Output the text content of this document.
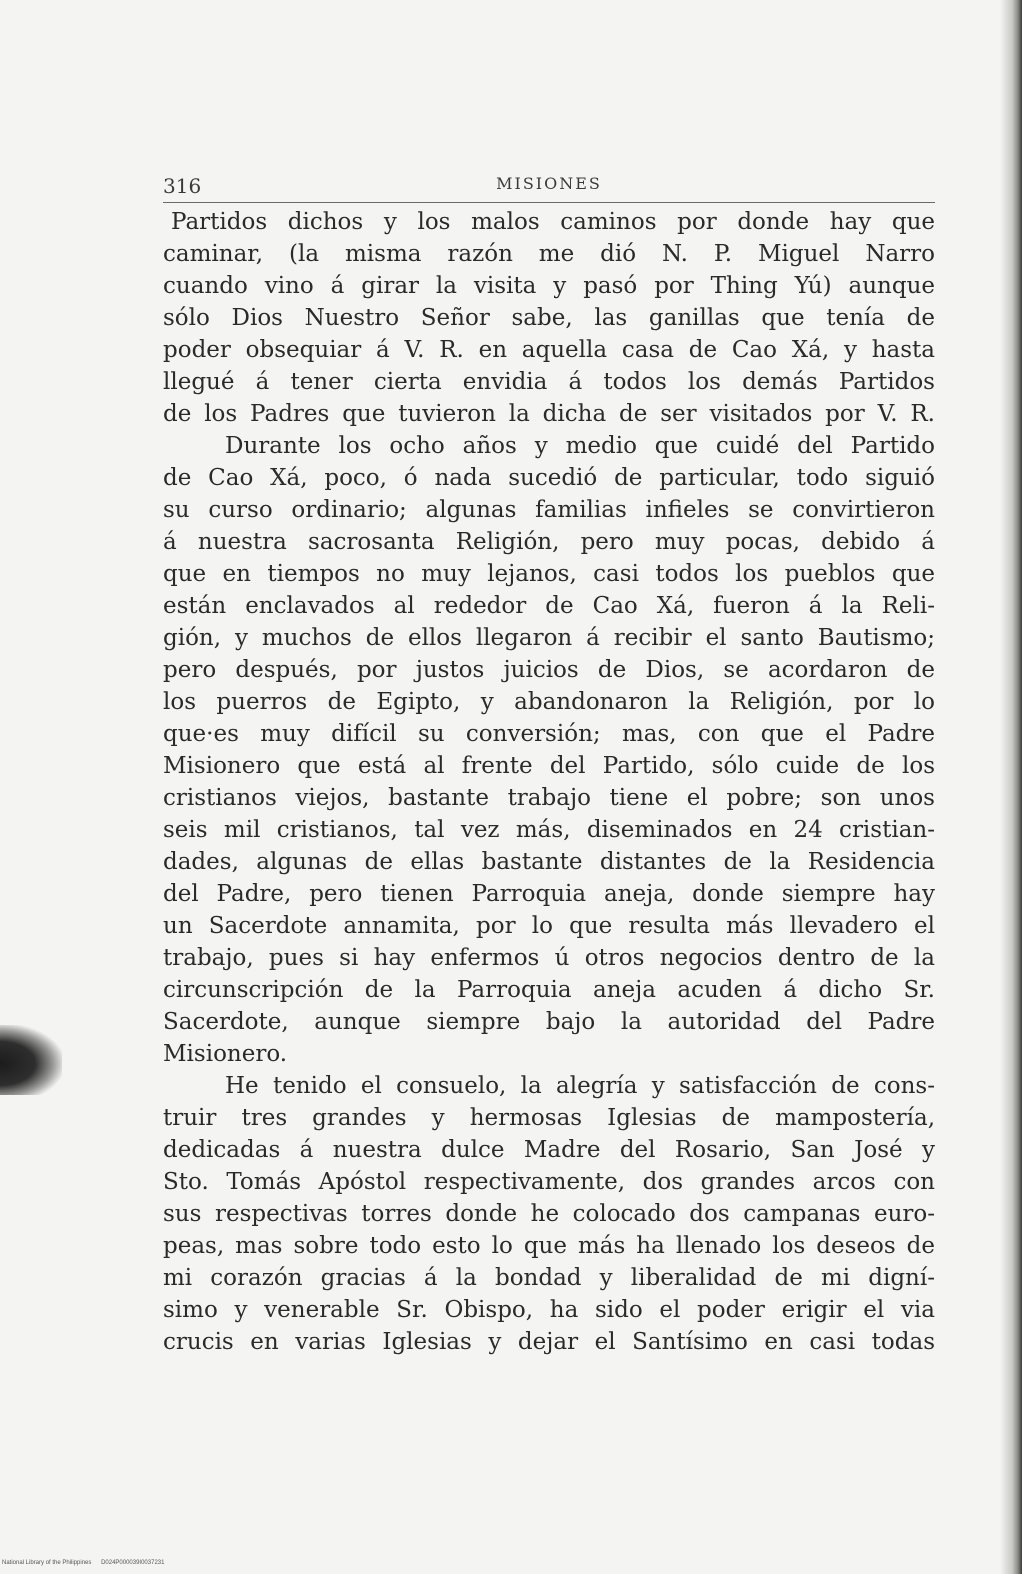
316	MISIONES
Partidos dichos y los malos caminos por donde hay que
caminar, (la misma razón me dió N. P. Miguel Narro
cuando vino á girar la visita y pasó por Thing Yú) aunque
sólo Dios Nuestro Señor sabe, las ganillas que tenía de
poder obsequiar á V. R. en aquella casa de Cao Xá, y hasta
llegué á tener cierta envidia á todos los demás Partidos
de los Padres que tuvieron la dicha de ser visitados por V. R.
Durante los ocho años y medio que cuidé del Partido
de Cao Xá, poco, ó nada sucedió de particular, todo siguió
su curso ordinario; algunas familias infieles se convirtieron
á nuestra sacrosanta Religión, pero muy pocas, debido á
que en tiempos no muy lejanos, casi todos los pueblos que
están enclavados al rededor de Cao Xá, fueron á la Reli-
gión, y muchos de ellos llegaron á recibir el santo Bautismo;
pero después, por justos juicios de Dios, se acordaron de
los puerros de Egipto, y abandonaron la Religión, por lo
que·es muy difícil su conversión; mas, con que el Padre
Misionero que está al frente del Partido, sólo cuide de los
cristianos viejos, bastante trabajo tiene el pobre; son unos
seis mil cristianos, tal vez más, diseminados en 24 cristian-
dades, algunas de ellas bastante distantes de la Residencia
del Padre, pero tienen Parroquia aneja, donde siempre hay
un Sacerdote annamita, por lo que resulta más llevadero el
trabajo, pues si hay enfermos ú otros negocios dentro de la
circunscripción de la Parroquia aneja acuden á dicho Sr.
Sacerdote, aunque siempre bajo la autoridad del Padre
Misionero.
He tenido el consuelo, la alegría y satisfacción de cons-
truir tres grandes y hermosas Iglesias de mampostería,
dedicadas á nuestra dulce Madre del Rosario, San José y
Sto. Tomás Apóstol respectivamente, dos grandes arcos con
sus respectivas torres donde he colocado dos campanas euro-
peas, mas sobre todo esto lo que más ha llenado los deseos de
mi corazón gracias á la bondad y liberalidad de mi digní-
simo y venerable Sr. Obispo, ha sido el poder erigir el via
crucis en varias Iglesias y dejar el Santísimo en casi todas
National Library of the Philippines D024P000039I0037231
